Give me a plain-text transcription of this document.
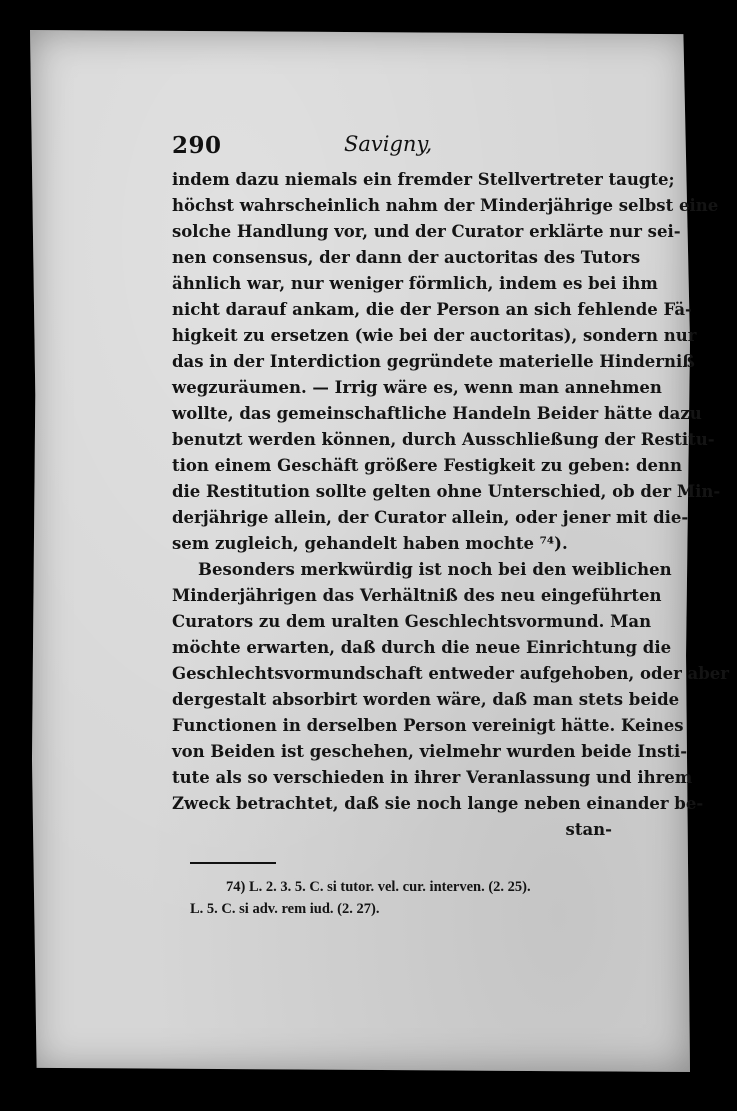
290	Savigny,
indem dazu niemals ein fremder Stellvertreter taugte;
höchst wahrscheinlich nahm der Minderjährige selbst eine
solche Handlung vor, und der Curator erklärte nur sei-
nen consensus, der dann der auctoritas des Tutors
ähnlich war, nur weniger förmlich, indem es bei ihm
nicht darauf ankam, die der Person an sich fehlende Fä-
higkeit zu ersetzen (wie bei der auctoritas), sondern nur
das in der Interdiction gegründete materielle Hinderniß
wegzuräumen. — Irrig wäre es, wenn man annehmen
wollte, das gemeinschaftliche Handeln Beider hätte dazu
benutzt werden können, durch Ausschließung der Restitu-
tion einem Geschäft größere Festigkeit zu geben: denn
die Restitution sollte gelten ohne Unterschied, ob der Min-
derjährige allein, der Curator allein, oder jener mit die-
sem zugleich, gehandelt haben mochte ⁷⁴).
Besonders merkwürdig ist noch bei den weiblichen
Minderjährigen das Verhältniß des neu eingeführten
Curators zu dem uralten Geschlechtsvormund. Man
möchte erwarten, daß durch die neue Einrichtung die
Geschlechtsvormundschaft entweder aufgehoben, oder aber
dergestalt absorbirt worden wäre, daß man stets beide
Functionen in derselben Person vereinigt hätte. Keines
von Beiden ist geschehen, vielmehr wurden beide Insti-
tute als so verschieden in ihrer Veranlassung und ihrem
Zweck betrachtet, daß sie noch lange neben einander be-
stan-
74) L. 2. 3. 5. C. si tutor. vel. cur. interven. (2. 25).
L. 5. C. si adv. rem iud. (2. 27).
